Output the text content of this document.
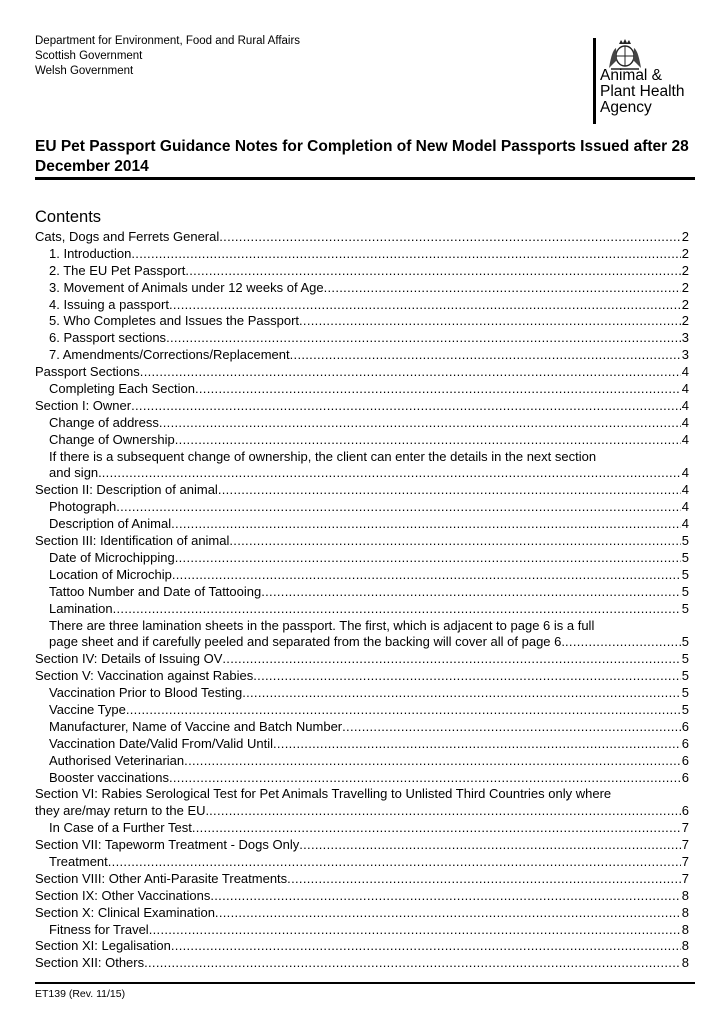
Department for Environment, Food and Rural Affairs
Scottish Government
Welsh Government	Animal &
Plant Health
Agency
EU Pet Passport Guidance Notes for Completion of New Model Passports Issued after 28 December 2014
Contents
Cats, Dogs and Ferrets General .....	2
1. Introduction .....	2
2. The EU Pet Passport .....	2
3. Movement of Animals under 12 weeks of Age .....	2
4. Issuing a passport .....	2
5. Who Completes and Issues the Passport .....	2
6. Passport sections .....	3
7. Amendments/Corrections/Replacement .....	3
Passport Sections .....	4
Completing Each Section .....	4
Section I: Owner .....	4
Change of address .....	4
Change of Ownership .....	4
If there is a subsequent change of ownership, the client can enter the details in the next section
and sign. .....	4
Section II: Description of animal .....	4
Photograph .....	4
Description of Animal .....	4
Section III: Identification of animal .....	5
Date of Microchipping .....	5
Location of Microchip .....	5
Tattoo Number and Date of Tattooing .....	5
Lamination .....	5
There are three lamination sheets in the passport. The first, which is adjacent to page 6 is a full
page sheet and if carefully peeled and separated from the backing will cover all of page 6. .....	5
Section IV: Details of Issuing OV .....	5
Section V: Vaccination against Rabies .....	5
Vaccination Prior to Blood Testing .....	5
Vaccine Type .....	5
Manufacturer, Name of Vaccine and Batch Number .....	6
Vaccination Date/Valid From/Valid Until .....	6
Authorised Veterinarian .....	6
Booster vaccinations .....	6
Section VI: Rabies Serological Test for Pet Animals Travelling to Unlisted Third Countries only where
they are/may return to the EU. .....	6
In Case of a Further Test .....	7
Section VII: Tapeworm Treatment - Dogs Only .....	7
Treatment .....	7
Section VIII: Other Anti-Parasite Treatments .....	7
Section IX: Other Vaccinations .....	8
Section X: Clinical Examination .....	8
Fitness for Travel .....	8
Section XI: Legalisation .....	8
Section XII: Others .....	8
ET139 (Rev. 11/15)
